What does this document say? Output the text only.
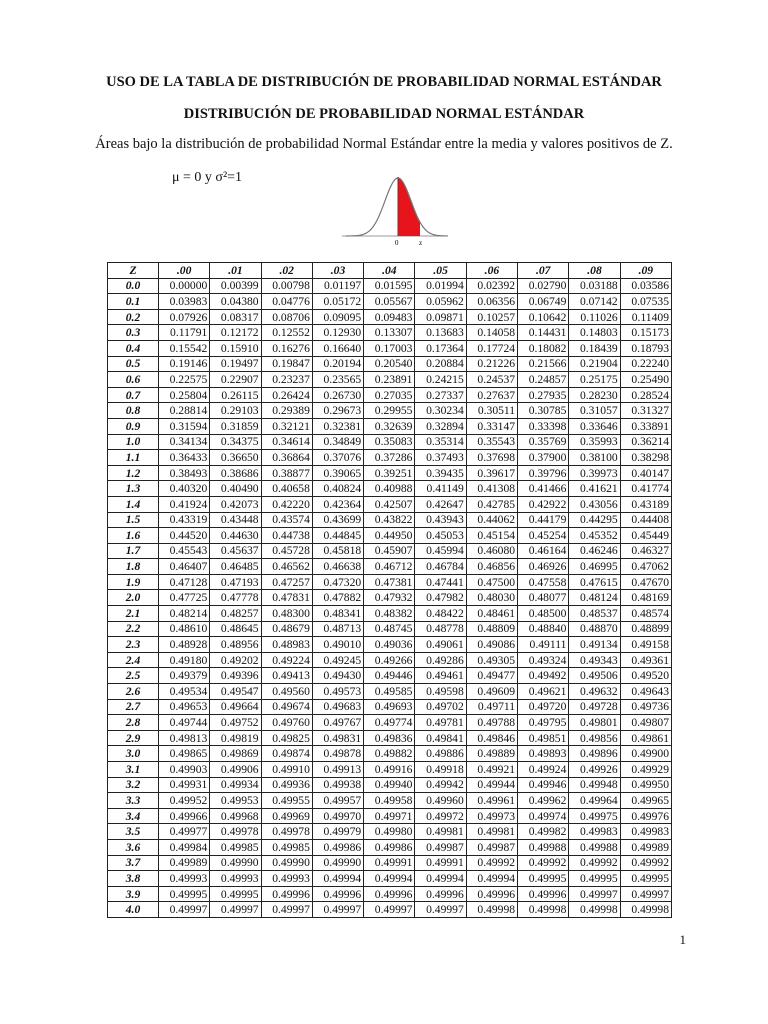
USO DE LA TABLA DE DISTRIBUCIÓN DE PROBABILIDAD NORMAL ESTÁNDAR
DISTRIBUCIÓN DE PROBABILIDAD NORMAL ESTÁNDAR
Áreas bajo la distribución de probabilidad Normal Estándar entre la media y valores positivos de Z.
μ = 0 y σ²=1
0	z
Z	.00	.01	.02	.03	.04	.05	.06	.07	.08	.09
0.0	0.00000	0.00399	0.00798	0.01197	0.01595	0.01994	0.02392	0.02790	0.03188	0.03586
0.1	0.03983	0.04380	0.04776	0.05172	0.05567	0.05962	0.06356	0.06749	0.07142	0.07535
0.2	0.07926	0.08317	0.08706	0.09095	0.09483	0.09871	0.10257	0.10642	0.11026	0.11409
0.3	0.11791	0.12172	0.12552	0.12930	0.13307	0.13683	0.14058	0.14431	0.14803	0.15173
0.4	0.15542	0.15910	0.16276	0.16640	0.17003	0.17364	0.17724	0.18082	0.18439	0.18793
0.5	0.19146	0.19497	0.19847	0.20194	0.20540	0.20884	0.21226	0.21566	0.21904	0.22240
0.6	0.22575	0.22907	0.23237	0.23565	0.23891	0.24215	0.24537	0.24857	0.25175	0.25490
0.7	0.25804	0.26115	0.26424	0.26730	0.27035	0.27337	0.27637	0.27935	0.28230	0.28524
0.8	0.28814	0.29103	0.29389	0.29673	0.29955	0.30234	0.30511	0.30785	0.31057	0.31327
0.9	0.31594	0.31859	0.32121	0.32381	0.32639	0.32894	0.33147	0.33398	0.33646	0.33891
1.0	0.34134	0.34375	0.34614	0.34849	0.35083	0.35314	0.35543	0.35769	0.35993	0.36214
1.1	0.36433	0.36650	0.36864	0.37076	0.37286	0.37493	0.37698	0.37900	0.38100	0.38298
1.2	0.38493	0.38686	0.38877	0.39065	0.39251	0.39435	0.39617	0.39796	0.39973	0.40147
1.3	0.40320	0.40490	0.40658	0.40824	0.40988	0.41149	0.41308	0.41466	0.41621	0.41774
1.4	0.41924	0.42073	0.42220	0.42364	0.42507	0.42647	0.42785	0.42922	0.43056	0.43189
1.5	0.43319	0.43448	0.43574	0.43699	0.43822	0.43943	0.44062	0.44179	0.44295	0.44408
1.6	0.44520	0.44630	0.44738	0.44845	0.44950	0.45053	0.45154	0.45254	0.45352	0.45449
1.7	0.45543	0.45637	0.45728	0.45818	0.45907	0.45994	0.46080	0.46164	0.46246	0.46327
1.8	0.46407	0.46485	0.46562	0.46638	0.46712	0.46784	0.46856	0.46926	0.46995	0.47062
1.9	0.47128	0.47193	0.47257	0.47320	0.47381	0.47441	0.47500	0.47558	0.47615	0.47670
2.0	0.47725	0.47778	0.47831	0.47882	0.47932	0.47982	0.48030	0.48077	0.48124	0.48169
2.1	0.48214	0.48257	0.48300	0.48341	0.48382	0.48422	0.48461	0.48500	0.48537	0.48574
2.2	0.48610	0.48645	0.48679	0.48713	0.48745	0.48778	0.48809	0.48840	0.48870	0.48899
2.3	0.48928	0.48956	0.48983	0.49010	0.49036	0.49061	0.49086	0.49111	0.49134	0.49158
2.4	0.49180	0.49202	0.49224	0.49245	0.49266	0.49286	0.49305	0.49324	0.49343	0.49361
2.5	0.49379	0.49396	0.49413	0.49430	0.49446	0.49461	0.49477	0.49492	0.49506	0.49520
2.6	0.49534	0.49547	0.49560	0.49573	0.49585	0.49598	0.49609	0.49621	0.49632	0.49643
2.7	0.49653	0.49664	0.49674	0.49683	0.49693	0.49702	0.49711	0.49720	0.49728	0.49736
2.8	0.49744	0.49752	0.49760	0.49767	0.49774	0.49781	0.49788	0.49795	0.49801	0.49807
2.9	0.49813	0.49819	0.49825	0.49831	0.49836	0.49841	0.49846	0.49851	0.49856	0.49861
3.0	0.49865	0.49869	0.49874	0.49878	0.49882	0.49886	0.49889	0.49893	0.49896	0.49900
3.1	0.49903	0.49906	0.49910	0.49913	0.49916	0.49918	0.49921	0.49924	0.49926	0.49929
3.2	0.49931	0.49934	0.49936	0.49938	0.49940	0.49942	0.49944	0.49946	0.49948	0.49950
3.3	0.49952	0.49953	0.49955	0.49957	0.49958	0.49960	0.49961	0.49962	0.49964	0.49965
3.4	0.49966	0.49968	0.49969	0.49970	0.49971	0.49972	0.49973	0.49974	0.49975	0.49976
3.5	0.49977	0.49978	0.49978	0.49979	0.49980	0.49981	0.49981	0.49982	0.49983	0.49983
3.6	0.49984	0.49985	0.49985	0.49986	0.49986	0.49987	0.49987	0.49988	0.49988	0.49989
3.7	0.49989	0.49990	0.49990	0.49990	0.49991	0.49991	0.49992	0.49992	0.49992	0.49992
3.8	0.49993	0.49993	0.49993	0.49994	0.49994	0.49994	0.49994	0.49995	0.49995	0.49995
3.9	0.49995	0.49995	0.49996	0.49996	0.49996	0.49996	0.49996	0.49996	0.49997	0.49997
4.0	0.49997	0.49997	0.49997	0.49997	0.49997	0.49997	0.49998	0.49998	0.49998	0.49998
1
